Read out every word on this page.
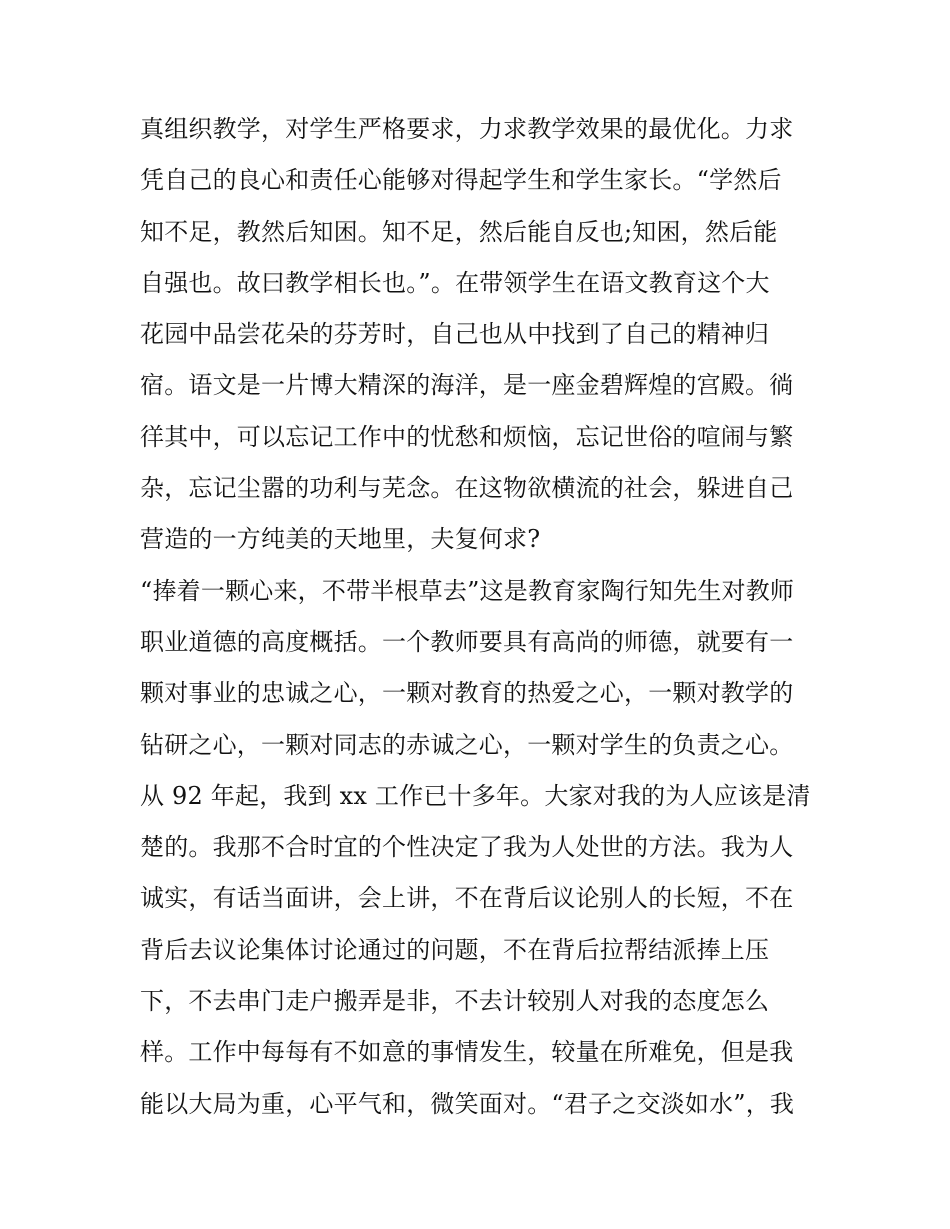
真组织教学，对学生严格要求，力求教学效果的最优化。力求
凭自己的良心和责任心能够对得起学生和学生家长。“学然后
知不足，教然后知困。知不足，然后能自反也;知困，然后能
自强也。故曰教学相长也。”。在带领学生在语文教育这个大
花园中品尝花朵的芬芳时，自己也从中找到了自己的精神归
宿。语文是一片博大精深的海洋，是一座金碧辉煌的宫殿。徜
徉其中，可以忘记工作中的忧愁和烦恼，忘记世俗的喧闹与繁
杂，忘记尘嚣的功利与芜念。在这物欲横流的社会，躲进自己
营造的一方纯美的天地里，夫复何求?
“捧着一颗心来，不带半根草去”这是教育家陶行知先生对教师
职业道德的高度概括。一个教师要具有高尚的师德，就要有一
颗对事业的忠诚之心，一颗对教育的热爱之心，一颗对教学的
钻研之心，一颗对同志的赤诚之心，一颗对学生的负责之心。
从 92 年起，我到 xx 工作已十多年。大家对我的为人应该是清
楚的。我那不合时宜的个性决定了我为人处世的方法。我为人
诚实，有话当面讲，会上讲，不在背后议论别人的长短，不在
背后去议论集体讨论通过的问题，不在背后拉帮结派捧上压
下，不去串门走户搬弄是非，不去计较别人对我的态度怎么
样。工作中每每有不如意的事情发生，较量在所难免，但是我
能以大局为重，心平气和，微笑面对。“君子之交淡如水”，我
